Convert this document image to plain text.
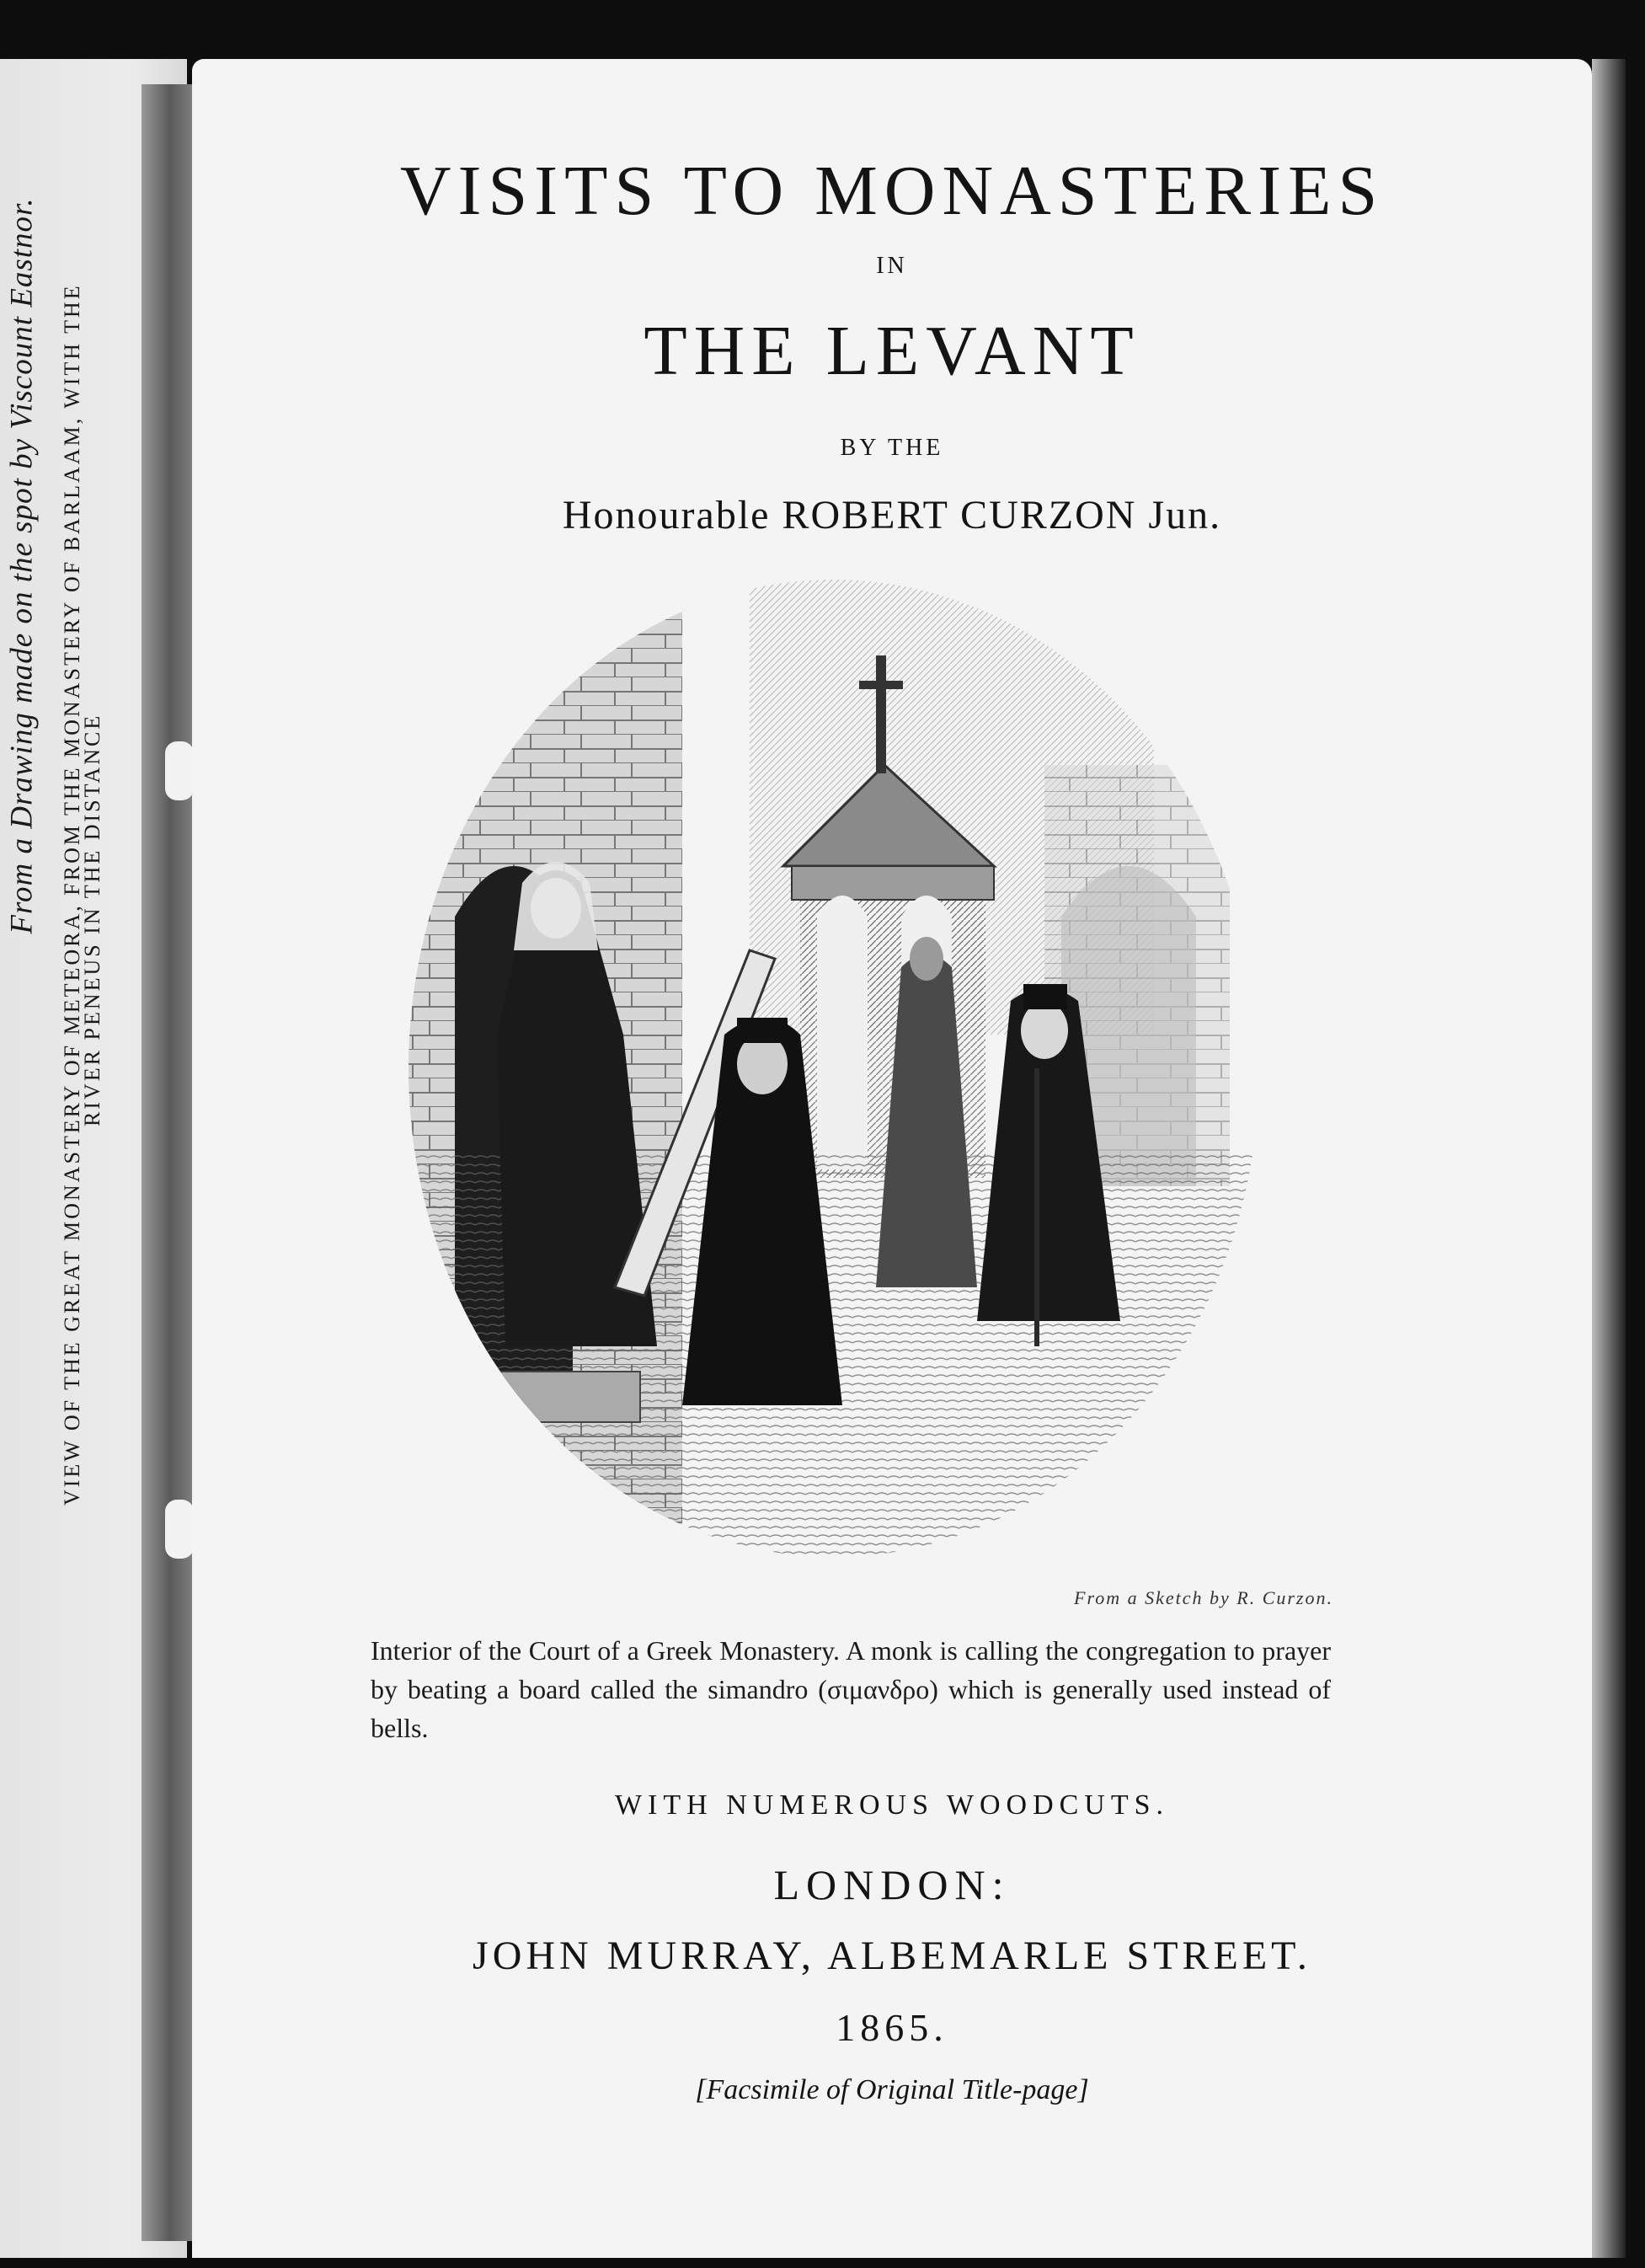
From a Drawing made on the spot by Viscount Eastnor. VIEW OF THE GREAT MONASTERY OF METEORA, FROM THE MONASTERY OF BARLAAM, WITH THE
RIVER PENEUS IN THE DISTANCE
VISITS TO MONASTERIES
IN
THE LEVANT
BY THE
Honourable ROBERT CURZON Jun.
From a Sketch by R. Curzon.
Interior of the Court of a Greek Monastery. A monk is calling the congregation to prayer by beating a board called the simandro (σιμανδρο) which is generally used instead of bells.
WITH NUMEROUS WOODCUTS.
LONDON:
JOHN MURRAY, ALBEMARLE STREET.
1865.
[Facsimile of Original Title-page]
